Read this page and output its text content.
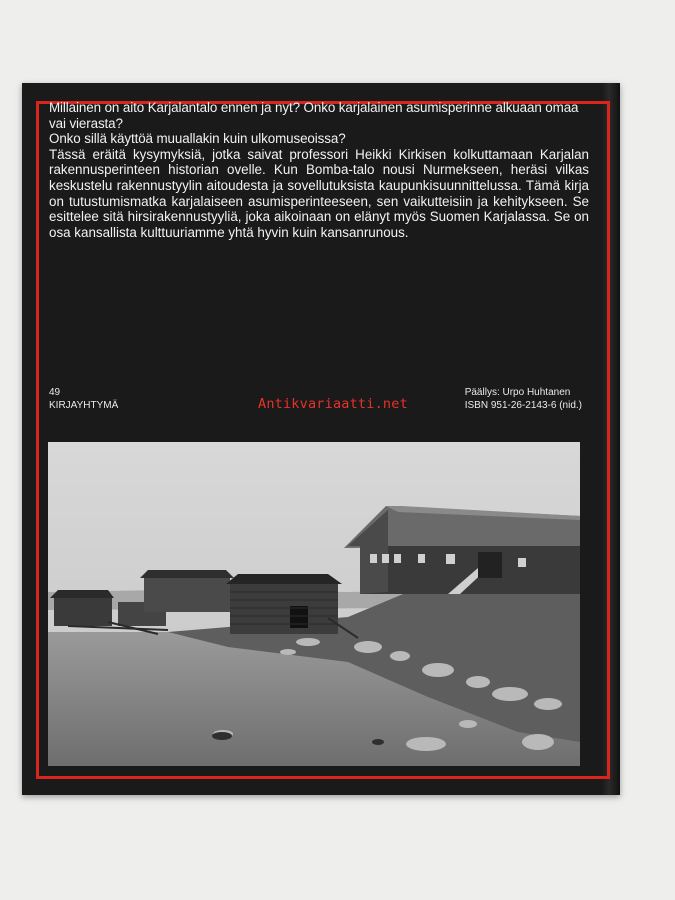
Millainen on aito Karjalantalo ennen ja nyt? Onko karjalainen asumisperinne alkuaan omaa vai vierasta?

Onko sillä käyttöä muuallakin kuin ulkomuseoissa?

Tässä eräitä kysymyksiä, jotka saivat professori Heikki Kirkisen kolkuttamaan Karjalan rakennusperinteen historian ovelle. Kun Bomba-talo nousi Nurmekseen, heräsi vilkas keskustelu rakennustyylin aitoudesta ja sovellutuksista kaupunkisuunnittelussa. Tämä kirja on tutustumismatka karjalaiseen asumisperinteeseen, sen vaikutteisiin ja kehitykseen. Se esittelee sitä hirsirakennustyyliä, joka aikoinaan on elänyt myös Suomen Karjalassa. Se on osa kansallista kulttuuriamme yhtä hyvin kuin kansanrunous.

49
KIRJAYHTYMÄ	Antikvariaatti.net
Päällys: Urpo Huhtanen
ISBN 951-26-2143-6 (nid.)
